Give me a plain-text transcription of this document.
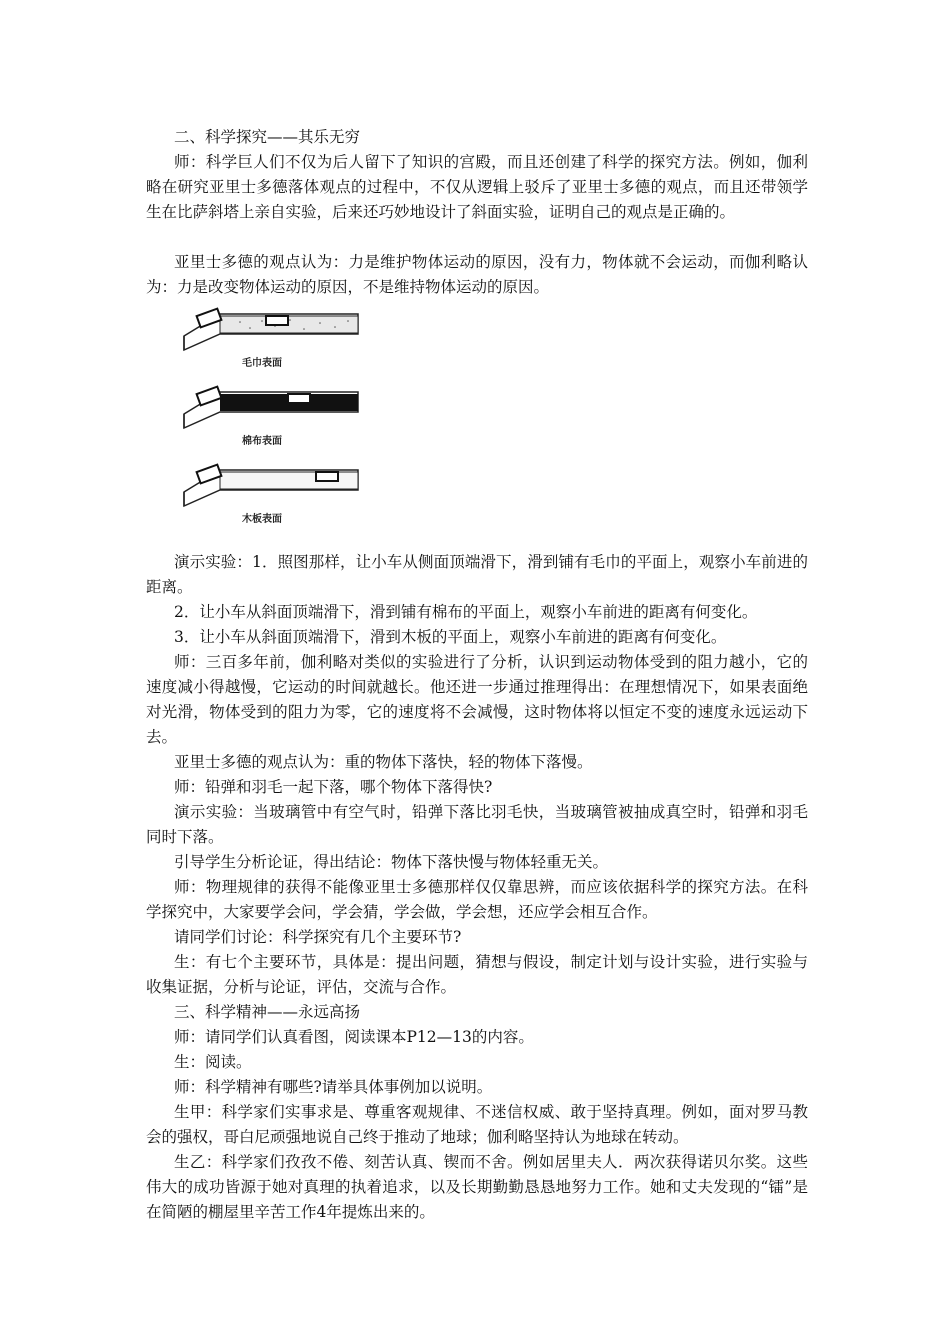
二、科学探究——其乐无穷

师：科学巨人们不仅为后人留下了知识的宫殿，而且还创建了科学的探究方法。例如，伽利略在研究亚里士多德落体观点的过程中，不仅从逻辑上驳斥了亚里士多德的观点，而且还带领学生在比萨斜塔上亲自实验，后来还巧妙地设计了斜面实验，证明自己的观点是正确的。

亚里士多德的观点认为：力是维护物体运动的原因，没有力，物体就不会运动，而伽利略认为：力是改变物体运动的原因，不是维持物体运动的原因。

毛巾表面
棉布表面
木板表面

演示实验：1．照图那样，让小车从侧面顶端滑下，滑到铺有毛巾的平面上，观察小车前进的距离。

2．让小车从斜面顶端滑下，滑到铺有棉布的平面上，观察小车前进的距离有何变化。

3．让小车从斜面顶端滑下，滑到木板的平面上，观察小车前进的距离有何变化。

师：三百多年前，伽利略对类似的实验进行了分析，认识到运动物体受到的阻力越小，它的速度减小得越慢，它运动的时间就越长。他还进一步通过推理得出：在理想情况下，如果表面绝对光滑，物体受到的阻力为零，它的速度将不会减慢，这时物体将以恒定不变的速度永远运动下去。

亚里士多德的观点认为：重的物体下落快，轻的物体下落慢。

师：铅弹和羽毛一起下落，哪个物体下落得快?

演示实验：当玻璃管中有空气时，铅弹下落比羽毛快，当玻璃管被抽成真空时，铅弹和羽毛同时下落。

引导学生分析论证，得出结论：物体下落快慢与物体轻重无关。

师：物理规律的获得不能像亚里士多德那样仅仅靠思辨，而应该依据科学的探究方法。在科学探究中，大家要学会问，学会猜，学会做，学会想，还应学会相互合作。

请同学们讨论：科学探究有几个主要环节?

生：有七个主要环节，具体是：提出问题，猜想与假设，制定计划与设计实验，进行实验与收集证据，分析与论证，评估，交流与合作。

三、科学精神——永远高扬

师：请同学们认真看图，阅读课本P12—13的内容。

生：阅读。

师：科学精神有哪些?请举具体事例加以说明。

生甲：科学家们实事求是、尊重客观规律、不迷信权威、敢于坚持真理。例如，面对罗马教会的强权，哥白尼顽强地说自己终于推动了地球；伽利略坚持认为地球在转动。

生乙：科学家们孜孜不倦、刻苦认真、锲而不舍。例如居里夫人．两次获得诺贝尔奖。这些伟大的成功皆源于她对真理的执着追求，以及长期勤勤恳恳地努力工作。她和丈夫发现的“镭”是在简陋的棚屋里辛苦工作4年提炼出来的。
